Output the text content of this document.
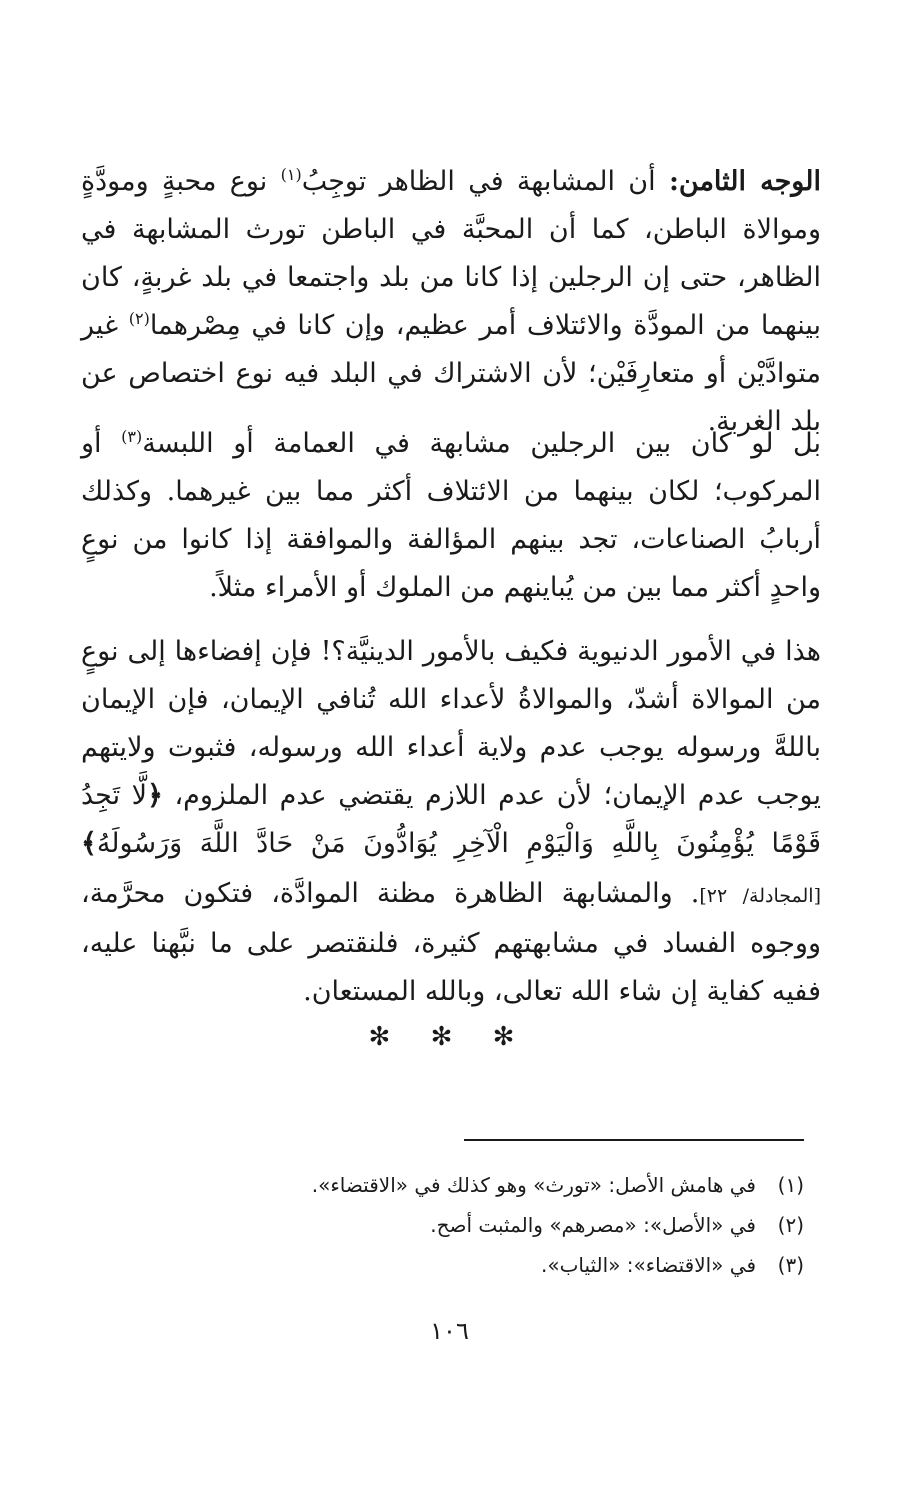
الوجه الثامن: أن المشابهة في الظاهر توجِبُ$^{(١)}$ نوع محبةٍ ومودَّةٍ وموالاة الباطن، كما أن المحبَّة في الباطن تورث المشابهة في الظاهر، حتى إن الرجلين إذا كانا من بلد واجتمعا في بلد غربةٍ، كان بينهما من المودَّة والائتلاف أمر عظيم، وإن كانا في مِصْرهما$^{(٢)}$ غير متوادَّيْن أو متعارِفَيْن؛ لأن الاشتراك في البلد فيه نوع اختصاص عن بلد الغربة.
بل لو كان بين الرجلين مشابهة في العمامة أو اللبسة$^{(٣)}$ أو المركوب؛ لكان بينهما من الائتلاف أكثر مما بين غيرهما. وكذلك أربابُ الصناعات، تجد بينهم المؤالفة والموافقة إذا كانوا من نوعٍ واحدٍ أكثر مما بين من يُباينهم من الملوك أو الأمراء مثلاً.
هذا في الأمور الدنيوية فكيف بالأمور الدينيَّة؟! فإن إفضاءها إلى نوعٍ من الموالاة أشدّ، والموالاةُ لأعداء الله تُنافي الإيمان، فإن الإيمان باللهَّ ورسوله يوجب عدم ولاية أعداء الله ورسوله، فثبوت ولايتهم يوجب عدم الإيمان؛ لأن عدم اللازم يقتضي عدم الملزوم، ﴿لَّا تَجِدُ قَوْمًا يُؤْمِنُونَ بِاللَّهِ وَالْيَوْمِ الْآخِرِ يُوَادُّونَ مَنْ حَادَّ اللَّهَ وَرَسُولَهُ﴾ [المجادلة/ ٢٢]. والمشابهة الظاهرة مظنة الموادَّة، فتكون محرَّمة، ووجوه الفساد في مشابهتهم كثيرة، فلنقتصر على ما نبَّهنا عليه، ففيه كفاية إن شاء الله تعالى، وبالله المستعان.
✻ ✻ ✻
(١)في هامش الأصل: «تورث» وهو كذلك في «الاقتضاء».
(٢)في «الأصل»: «مصرهم» والمثبت أصح.
(٣)في «الاقتضاء»: «الثياب».
١٠٦
